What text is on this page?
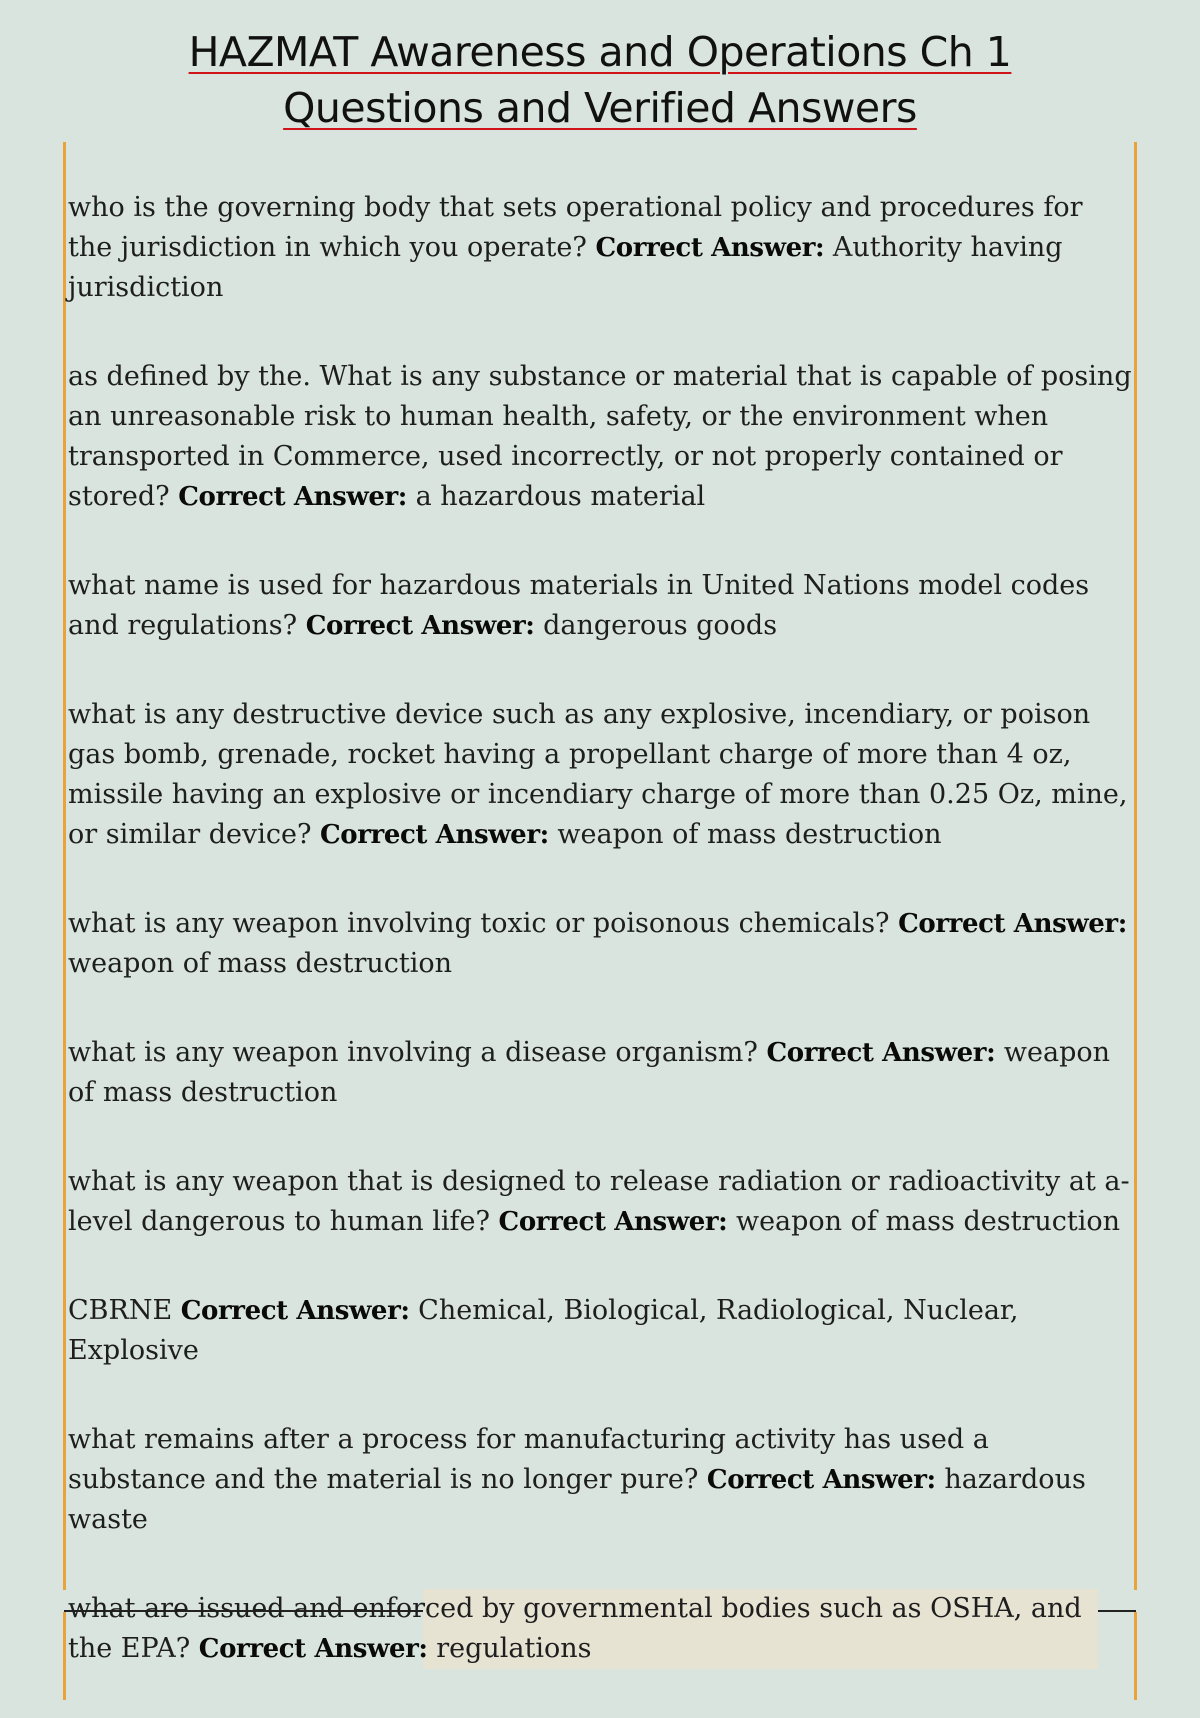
HAZMAT Awareness and Operations Ch 1
Questions and Verified Answers

who is the governing body that sets operational policy and procedures for the jurisdiction in which you operate? Correct Answer: Authority having jurisdiction

as defined by the. What is any substance or material that is capable of posing an unreasonable risk to human health, safety, or the environment when transported in Commerce, used incorrectly, or not properly contained or stored? Correct Answer: a hazardous material

what name is used for hazardous materials in United Nations model codes and regulations? Correct Answer: dangerous goods

what is any destructive device such as any explosive, incendiary, or poison gas bomb, grenade, rocket having a propellant charge of more than 4 oz, missile having an explosive or incendiary charge of more than 0.25 Oz, mine, or similar device? Correct Answer: weapon of mass destruction

what is any weapon involving toxic or poisonous chemicals? Correct Answer: weapon of mass destruction

what is any weapon involving a disease organism? Correct Answer: weapon of mass destruction

what is any weapon that is designed to release radiation or radioactivity at a-level dangerous to human life? Correct Answer: weapon of mass destruction

CBRNE Correct Answer: Chemical, Biological, Radiological, Nuclear, Explosive

what remains after a process for manufacturing activity has used a substance and the material is no longer pure? Correct Answer: hazardous waste

what are issued and enforced by governmental bodies such as OSHA, and the EPA? Correct Answer: regulations
